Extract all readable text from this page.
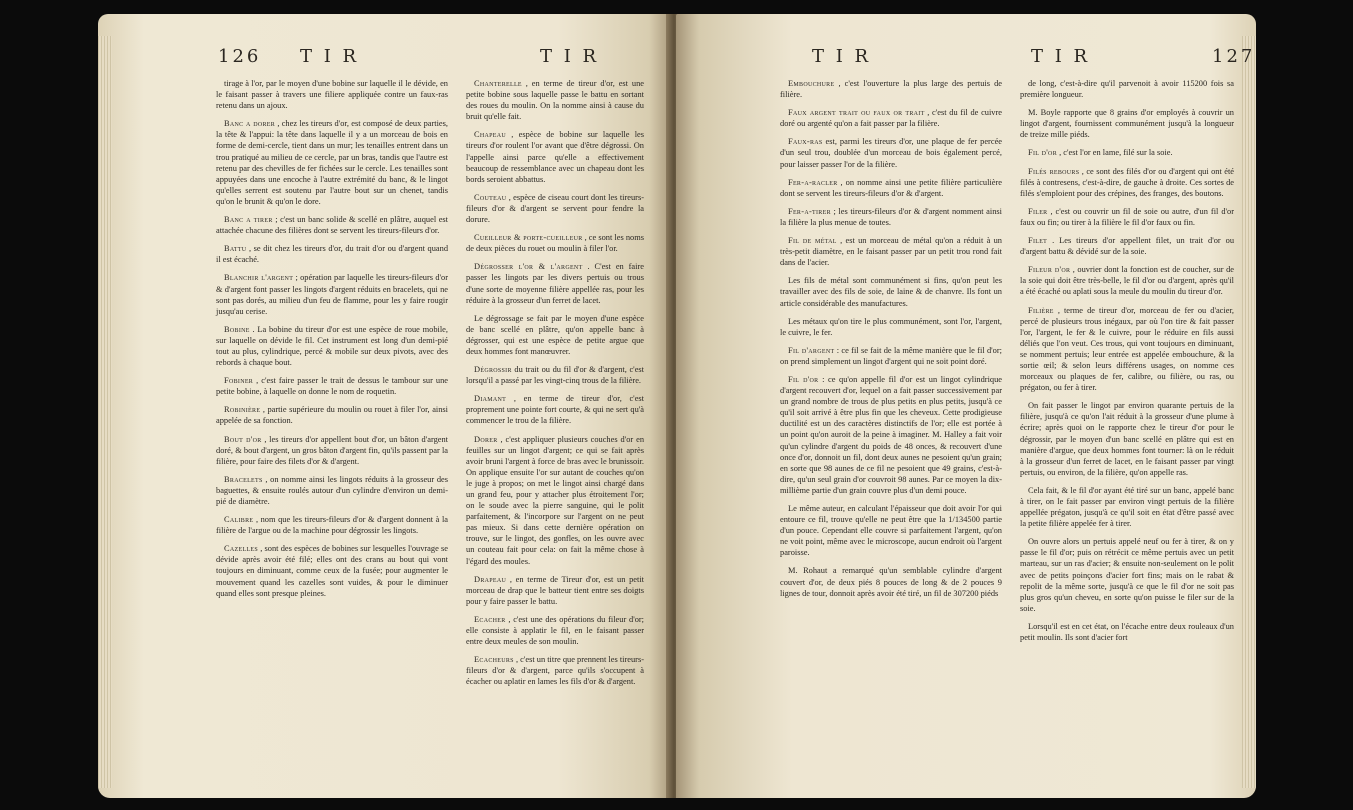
126 T I R	T I R

tirage à l'or, par le moyen d'une bobine sur laquelle il le dévide, en le faisant passer à travers une filiere appliquée contre un faux-ras retenu dans un ajoux.

Banc a dorer , chez les tireurs d'or, est composé de deux parties, la tête & l'appui: la tête dans laquelle il y a un morceau de bois en forme de demi-cercle, tient dans un mur; les tenailles entrent dans un trou pratiqué au milieu de ce cercle, par un bras, tandis que l'autre est retenu par des chevilles de fer fichées sur le cercle. Les tenailles sont appuyées dans une encoche à l'autre extrémité du banc, & le lingot qu'elles serrent est soutenu par l'autre bout sur un chenet, tandis qu'on le brunit & qu'on le dore.

Banc a tirer ; c'est un banc solide & scellé en plâtre, auquel est attachée chacune des filières dont se servent les tireurs-fileurs d'or.

Battu , se dit chez les tireurs d'or, du trait d'or ou d'argent quand il est écaché.

Blanchir l'argent ; opération par laquelle les tireurs-fileurs d'or & d'argent font passer les lingots d'argent réduits en bracelets, qui ne sont pas dorés, au milieu d'un feu de flamme, pour les y faire rougir jusqu'au cerise.

Bobine . La bobine du tireur d'or est une espèce de roue mobile, sur laquelle on dévide le fil. Cet instrument est long d'un demi-pié tout au plus, cylindrique, percé & mobile sur deux pivots, avec des rebords à chaque bout.

Fobiner , c'est faire passer le trait de dessus le tambour sur une petite bobine, à laquelle on donne le nom de roquetin.

Robinière , partie supérieure du moulin ou rouet à filer l'or, ainsi appelée de sa fonction.

Bout d'or , les tireurs d'or appellent bout d'or, un bâton d'argent doré, & bout d'argent, un gros bâton d'argent fin, qu'ils passent par la filière, pour faire des filets d'or & d'argent.

Bracelets , on nomme ainsi les lingots réduits à la grosseur des baguettes, & ensuite roulés autour d'un cylindre d'environ un demi-pié de diamètre.

Calibre , nom que les tireurs-fileurs d'or & d'argent donnent à la filière de l'argue ou de la machine pour dégrossir les lingots.

Cazelles , sont des espèces de bobines sur lesquelles l'ouvrage se dévide après avoir été filé; elles ont des crans au bout qui vont toujours en diminuant, comme ceux de la fusée; pour augmenter le mouvement quand les cazelles sont vuides, & pour le diminuer quand elles sont presque pleines.

Chanterelle , en terme de tireur d'or, est une petite bobine sous laquelle passe le battu en sortant des roues du moulin. On la nomme ainsi à cause du bruit qu'elle fait.

Chapeau , espèce de bobine sur laquelle les tireurs d'or roulent l'or avant que d'être dégrossi. On l'appelle ainsi parce qu'elle a effectivement beaucoup de ressemblance avec un chapeau dont les bords seroient abbattus.

Couteau , espèce de ciseau court dont les tireurs-fileurs d'or & d'argent se servent pour fendre la dorure.

Cueilleur & porte-cueilleur , ce sont les noms de deux pièces du rouet ou moulin à filer l'or.

Dégrosser l'or & l'argent . C'est en faire passer les lingots par les divers pertuis ou trous d'une sorte de moyenne filière appellée ras, pour les réduire à la grosseur d'un ferret de lacet.

Le dégrossage se fait par le moyen d'une espèce de banc scellé en plâtre, qu'on appelle banc à dégrosser, qui est une espèce de petite argue que deux hommes font manœuvrer.

Dégrossir du trait ou du fil d'or & d'argent, c'est lorsqu'il a passé par les vingt-cinq trous de la filière.

Diamant , en terme de tireur d'or, c'est proprement une pointe fort courte, & qui ne sert qu'à commencer le trou de la filière.

Dorer , c'est appliquer plusieurs couches d'or en feuilles sur un lingot d'argent; ce qui se fait après avoir bruni l'argent à force de bras avec le brunissoir. On applique ensuite l'or sur autant de couches qu'on le juge à propos; on met le lingot ainsi chargé dans un grand feu, pour y attacher plus étroitement l'or; on le soude avec la pierre sanguine, qui le polit parfaitement, & l'incorpore sur l'argent on ne peut pas mieux. Si dans cette dernière opération on trouve, sur le lingot, des gonfles, on les ouvre avec un couteau fait pour cela: on fait la même chose à l'égard des moules.

Drapeau , en terme de Tireur d'or, est un petit morceau de drap que le batteur tient entre ses doigts pour y faire passer le battu.

Ecacher , c'est une des opérations du fileur d'or; elle consiste à applatir le fil, en le faisant passer entre deux meules de son moulin.

Ecacheurs , c'est un titre que prennent les tireurs-fileurs d'or & d'argent, parce qu'ils s'occupent à écacher ou aplatir en lames les fils d'or & d'argent.

T I R	T I R	127

Embouchure , c'est l'ouverture la plus large des pertuis de filière.

Faux argent trait ou faux or trait , c'est du fil de cuivre doré ou argenté qu'on a fait passer par la filière.

Faux-ras est, parmi les tireurs d'or, une plaque de fer percée d'un seul trou, doublée d'un morceau de bois également percé, pour laisser passer l'or de la filière.

Fer-a-racler , on nomme ainsi une petite filière particulière dont se servent les tireurs-fileurs d'or & d'argent.

Fer-a-tirer ; les tireurs-fileurs d'or & d'argent nomment ainsi la filière la plus menue de toutes.

Fil de métal , est un morceau de métal qu'on a réduit à un très-petit diamètre, en le faisant passer par un petit trou rond fait dans de l'acier.

Les fils de métal sont communément si fins, qu'on peut les travailler avec des fils de soie, de laine & de chanvre. Ils font un article considérable des manufactures.

Les métaux qu'on tire le plus communément, sont l'or, l'argent, le cuivre, le fer.

Fil d'argent : ce fil se fait de la même manière que le fil d'or; on prend simplement un lingot d'argent qui ne soit point doré.

Fil d'or : ce qu'on appelle fil d'or est un lingot cylindrique d'argent recouvert d'or, lequel on a fait passer successivement par un grand nombre de trous de plus petits en plus petits, jusqu'à ce qu'il soit arrivé à être plus fin que les cheveux. Cette prodigieuse ductilité est un des caractères distinctifs de l'or; elle est portée à un point qu'on auroit de la peine à imaginer. M. Halley a fait voir qu'un cylindre d'argent du poids de 48 onces, & recouvert d'une once d'or, donnoit un fil, dont deux aunes ne pesoient qu'un grain; en sorte que 98 aunes de ce fil ne pesoient que 49 grains, c'est-à-dire, qu'un seul grain d'or couvroit 98 aunes. Par ce moyen la dix-millième partie d'un grain couvre plus d'un demi pouce.

Le même auteur, en calculant l'épaisseur que doit avoir l'or qui entoure ce fil, trouve qu'elle ne peut être que la 1/134500 partie d'un pouce. Cependant elle couvre si parfaitement l'argent, qu'on ne voit point, même avec le microscope, aucun endroit où l'argent paroisse.

M. Rohaut a remarqué qu'un semblable cylindre d'argent couvert d'or, de deux piés 8 pouces de long & de 2 pouces 9 lignes de tour, donnoit après avoir été tiré, un fil de 307200 piéds

de long, c'est-à-dire qu'il parvenoit à avoir 115200 fois sa première longueur.

M. Boyle rapporte que 8 grains d'or employés à couvrir un lingot d'argent, fournissent communément jusqu'à la longueur de treize mille piéds.

Fil d'or , c'est l'or en lame, filé sur la soie.

Filés rebours , ce sont des filés d'or ou d'argent qui ont été filés à contresens, c'est-à-dire, de gauche à droite. Ces sortes de filés s'emploient pour des crépines, des franges, des boutons.

Filer , c'est ou couvrir un fil de soie ou autre, d'un fil d'or faux ou fin; ou tirer à la filière le fil d'or faux ou fin.

Filet . Les tireurs d'or appellent filet, un trait d'or ou d'argent battu & dévidé sur de la soie.

Fileur d'or , ouvrier dont la fonction est de coucher, sur de la soie qui doit être très-belle, le fil d'or ou d'argent, après qu'il a été écaché ou aplati sous la meule du moulin du tireur d'or.

Filière , terme de tireur d'or, morceau de fer ou d'acier, percé de plusieurs trous inégaux, par où l'on tire & fait passer l'or, l'argent, le fer & le cuivre, pour le réduire en fils aussi déliés que l'on veut. Ces trous, qui vont toujours en diminuant, se nomment pertuis; leur entrée est appelée embouchure, & la sortie œil; & selon leurs différens usages, on nomme ces morceaux ou plaques de fer, calibre, ou filière, ou ras, ou prégaton, ou fer à tirer.

On fait passer le lingot par environ quarante pertuis de la filière, jusqu'à ce qu'on l'ait réduit à la grosseur d'une plume à écrire; après quoi on le rapporte chez le tireur d'or pour le dégrossir, par le moyen d'un banc scellé en plâtre qui est en manière d'argue, que deux hommes font tourner: là on le réduit à la grosseur d'un ferret de lacet, en le faisant passer par vingt pertuis, ou environ, de la filière, qu'on appelle ras.

Cela fait, & le fil d'or ayant été tiré sur un banc, appelé banc à tirer, on le fait passer par environ vingt pertuis de la filière appellée prégaton, jusqu'à ce qu'il soit en état d'être passé avec la petite filière appelée fer à tirer.

On ouvre alors un pertuis appelé neuf ou fer à tirer, & on y passe le fil d'or; puis on rétrécit ce même pertuis avec un petit marteau, sur un ras d'acier; & ensuite non-seulement on le polit avec de petits poinçons d'acier fort fins; mais on le rabat & repolit de la même sorte, jusqu'à ce que le fil d'or ne soit pas plus gros qu'un cheveu, en sorte qu'on puisse le filer sur de la soie.

Lorsqu'il est en cet état, on l'écache entre deux rouleaux d'un petit moulin. Ils sont d'acier fort
